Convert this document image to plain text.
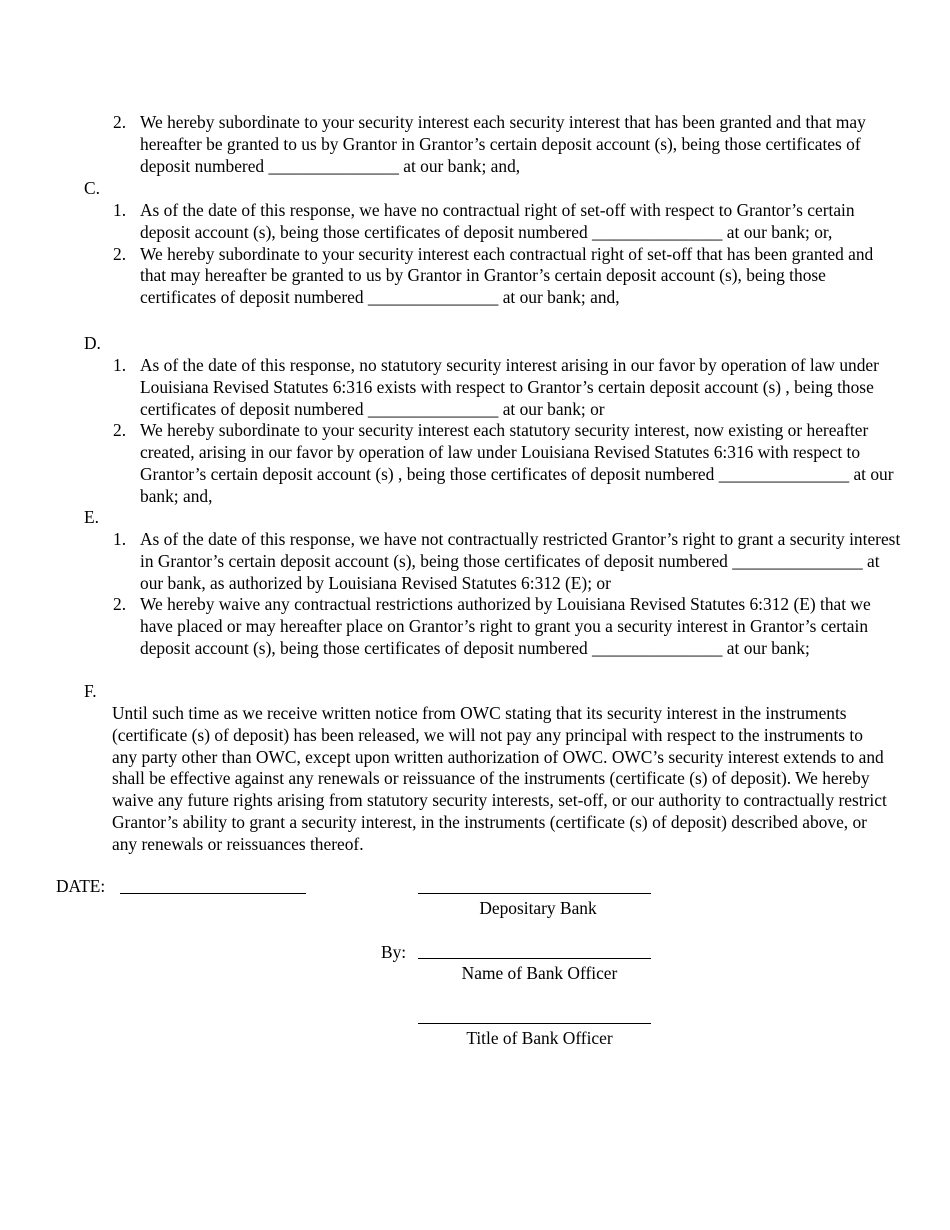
2. We hereby subordinate to your security interest each security interest that has been granted and that may hereafter be granted to us by Grantor in Grantor’s certain deposit account (s), being those certificates of deposit numbered _______________ at our bank; and,
C.
1. As of the date of this response, we have no contractual right of set-off with respect to Grantor’s certain deposit account (s), being those certificates of deposit numbered _______________ at our bank; or,
2. We hereby subordinate to your security interest each contractual right of set-off that has been granted and that may hereafter be granted to us by Grantor in Grantor’s certain deposit account (s), being those certificates of deposit numbered _______________ at our bank; and,
D.
1. As of the date of this response, no statutory security interest arising in our favor by operation of law under Louisiana Revised Statutes 6:316 exists with respect to Grantor’s certain deposit account (s) , being those certificates of deposit numbered _______________ at our bank; or
2. We hereby subordinate to your security interest each statutory security interest, now existing or hereafter created, arising in our favor by operation of law under Louisiana Revised Statutes 6:316 with respect to Grantor’s certain deposit account (s) , being those certificates of deposit numbered _______________ at our bank; and,
E.
1. As of the date of this response, we have not contractually restricted Grantor’s right to grant a security interest in Grantor’s certain deposit account (s), being those certificates of deposit numbered _______________ at our bank, as authorized by Louisiana Revised Statutes 6:312 (E); or
2. We hereby waive any contractual restrictions authorized by Louisiana Revised Statutes 6:312 (E) that we have placed or may hereafter place on Grantor’s right to grant you a security interest in Grantor’s certain deposit account (s), being those certificates of deposit numbered _______________ at our bank;
F.
Until such time as we receive written notice from OWC stating that its security interest in the instruments (certificate (s) of deposit) has been released, we will not pay any principal with respect to the instruments to any party other than OWC, except upon written authorization of OWC. OWC’s security interest extends to and shall be effective against any renewals or reissuance of the instruments (certificate (s) of deposit). We hereby waive any future rights arising from statutory security interests, set-off, or our authority to contractually restrict Grantor’s ability to grant a security interest, in the instruments (certificate (s) of deposit) described above, or any renewals or reissuances thereof.
DATE:
Depositary Bank
By:
Name of Bank Officer
Title of Bank Officer
